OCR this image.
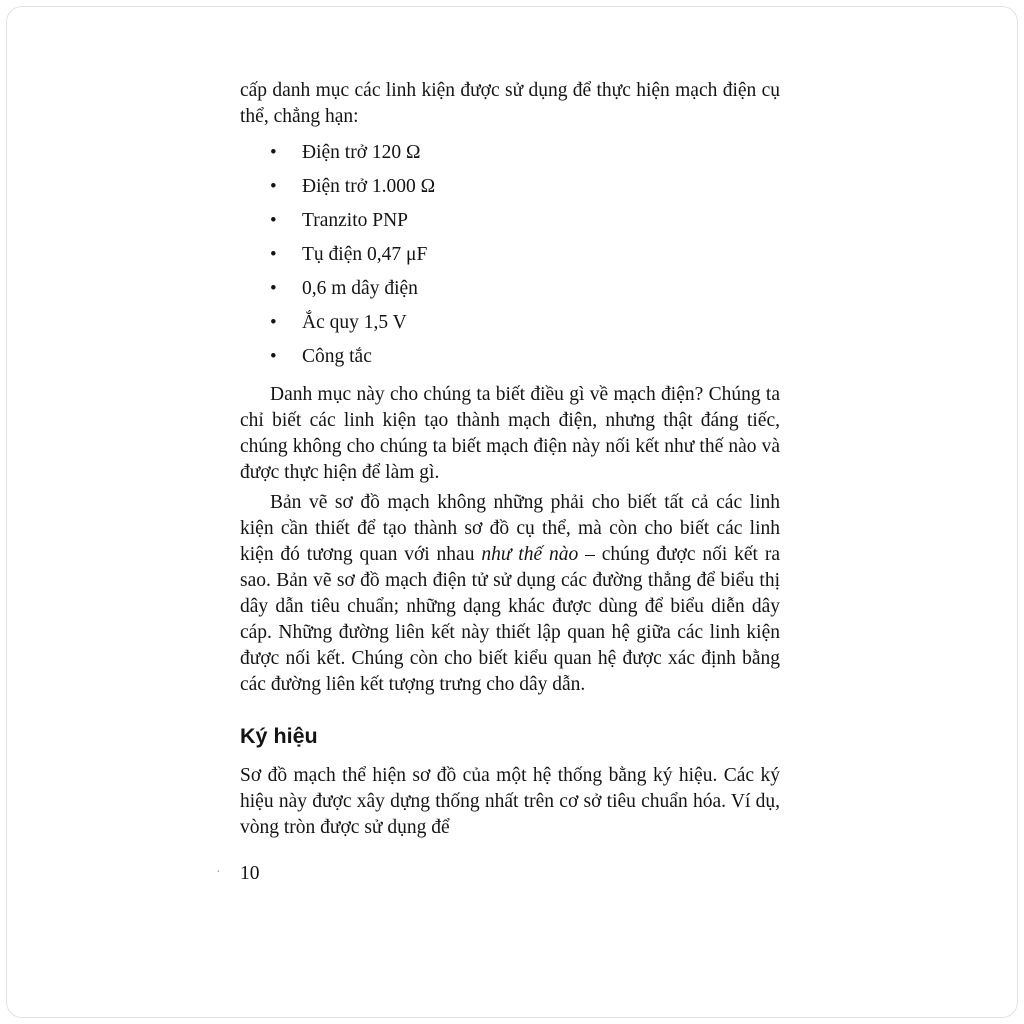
cấp danh mục các linh kiện được sử dụng để thực hiện mạch điện cụ thể, chẳng hạn:

• Điện trở 120 Ω
• Điện trở 1.000 Ω
• Tranzito PNP
• Tụ điện 0,47 μF
• 0,6 m dây điện
• Ắc quy 1,5 V
• Công tắc

Danh mục này cho chúng ta biết điều gì về mạch điện? Chúng ta chỉ biết các linh kiện tạo thành mạch điện, nhưng thật đáng tiếc, chúng không cho chúng ta biết mạch điện này nối kết như thế nào và được thực hiện để làm gì.

Bản vẽ sơ đồ mạch không những phải cho biết tất cả các linh kiện cần thiết để tạo thành sơ đồ cụ thể, mà còn cho biết các linh kiện đó tương quan với nhau như thế nào – chúng được nối kết ra sao. Bản vẽ sơ đồ mạch điện tử sử dụng các đường thẳng để biểu thị dây dẫn tiêu chuẩn; những dạng khác được dùng để biểu diễn dây cáp. Những đường liên kết này thiết lập quan hệ giữa các linh kiện được nối kết. Chúng còn cho biết kiểu quan hệ được xác định bằng các đường liên kết tượng trưng cho dây dẫn.

Ký hiệu

Sơ đồ mạch thể hiện sơ đồ của một hệ thống bằng ký hiệu. Các ký hiệu này được xây dựng thống nhất trên cơ sở tiêu chuẩn hóa. Ví dụ, vòng tròn được sử dụng để

· 10
